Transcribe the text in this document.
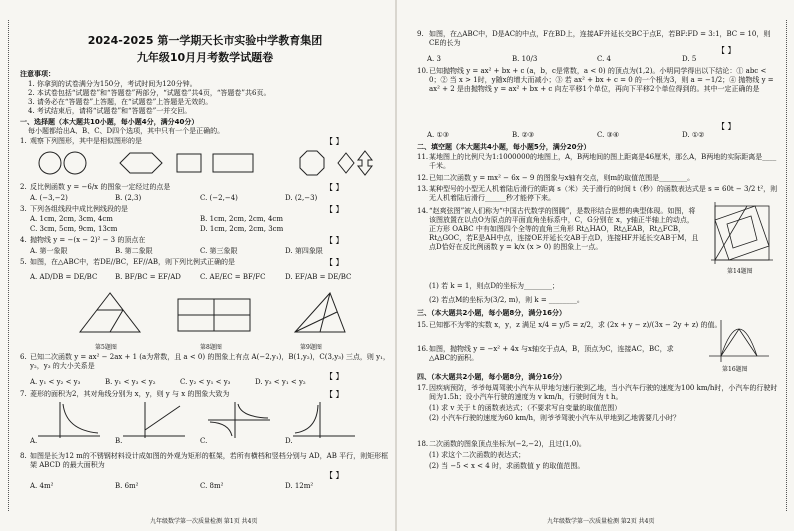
2024-2025 第一学期天长市实验中学教育集团
九年级10月月考数学试题卷
注意事项：
1. 你拿到的试卷满分为150分，考试时间为120分钟。
2. 本试卷包括“试题卷”和“答题卷”两部分，“试题卷”共4页，“答题卷”共6页。
3. 请务必在“答题卷”上答题，在“试题卷”上答题是无效的。
4. 考试结束后，请将“试题卷”和“答题卷”一并交回。
一、选择题（本大题共10小题，每小题4分，满分40分）
每小题都给出A、B、C、D四个选项，其中只有一个是正确的。
1. 观察下列图形，其中是相似图形的是	【 】
2. 反比例函数 y = −6/x 的图象一定经过的点是	【 】
A. (−3,−2)	B. (2,3)	C. (−2,−4)	D. (2,−3)
3. 下列各组线段中成比例线段的是	【 】
A. 1cm, 2cm, 3cm, 4cm	B. 1cm, 2cm, 2cm, 4cm
C. 3cm, 5cm, 9cm, 13cm	D. 1cm, 2cm, 2cm, 3cm
4. 抛物线 y = −(x − 2)² − 3 的顶点在	【 】
A. 第一象限	B. 第二象限	C. 第三象限	D. 第四象限
5. 如图，在△ABC中，若DE//BC，EF//AB，则下列比例式正确的是	【 】
A. AD/DB = DE/BC	B. BF/BC = EF/AD	C. AE/EC = BF/FC	D. EF/AB = DE/BC
第5题图	第8题图	第9题图
6. 已知二次函数 y = ax² − 2ax + 1 (a为常数，且 a < 0) 的图象上有点 A(−2,y₁)，B(1,y₂)，C(3,y₃) 三点，则 y₁，y₂，y₃ 的大小关系是
【 】
A. y₁ < y₂ < y₃	B. y₁ < y₃ < y₂	C. y₂ < y₁ < y₃	D. y₃ < y₁ < y₂
7. 菱形的面积为2，其对角线分别为 x，y，则 y 与 x 的图象大致为	【 】
A.	B.	C.	D.
8. 如图是长为12 m的不锈钢材料设计成如图的外观为矩形的框架，若所有横档和竖档分别与 AD，AB 平行，则矩形框架 ABCD 的最大面积为
【 】
A. 4m²	B. 6m²	C. 8m²	D. 12m²
九年级数学第一次质量检测 第1页 共4页
9. 如图，在△ABC中，D是AC的中点，F在BD上，连接AF并延长交BC于点E，若BF:FD = 3:1，BC = 10，则CE的长为
【 】
A. 3	B. 10/3	C. 4	D. 5
10. 已知抛物线 y = ax² + bx + c (a，b，c是常数，a < 0) 的顶点为(1,2)。小明同学得出以下结论：① abc < 0；② 当 x > 1时，y随x的增大而减小；③ 若 ax² + bx + c = 0 的一个根为3，则 a = −1/2；④ 抛物线 y = ax² + 2 是由抛物线 y = ax² + bx + c 向左平移1个单位，再向下平移2个单位得到的。其中一定正确的是
【 】
A. ①③	B. ②③	C. ③④	D. ①②
二、填空题（本大题共4小题，每小题5分，满分20分）
11. 某地图上的比例尺为1:1000000的地图上，A，B两地间的图上距离是46厘米，那么A，B两地的实际距离是____千米。
12. 已知二次函数 y = mx² − 6x − 9 的图象与x轴有交点，则m的取值范围是________。
13. 某种型号的小型无人机着陆后滑行的距离 s（米）关于滑行的时间 t（秒）的函数表达式是 s = 60t − 3/2 t²，则无人机着陆后滑行______秒才能停下来。
14. “赵爽弦图”被人们称为“中国古代数学的图腾”，是数形结合思想的典型体现。如图，将该图放置在以点O为原点的平面直角坐标系中，C，G分别在 x，y轴正半轴上的动点，正方形 OABC 中有如图四个全等的直角三角形 Rt△HAO，Rt△EAB，Rt△FCB，Rt△GOC，若E是AH中点，连接OE并延长交AB于点D，连接HF并延长交AB于M，且点D恰好在反比例函数 y = k/x (x > 0) 的图象上一点。
(1) 若 k = 1，则点D的坐标为________；
(2) 若点M的坐标为(3/2, m)，则 k = ________。
第14题图
三、（本大题共2小题，每小题8分，满分16分）
15. 已知都不为零的实数 x，y，z 满足 x/4 = y/5 = z/2，求 (2x + y − z)/(3x − 2y + z) 的值。
16. 如图，抛物线 y = −x² + 4x 与x轴交于点A，B，顶点为C，连接AC，BC，求△ABC的面积。
第16题图
四、（本大题共2小题，每小题8分，满分16分）
17. 因疾病预防，爷爷每周驾驶小汽车从甲地匀速行驶到乙地，当小汽车行驶的速度为100 km/h时，小汽车的行驶时间为1.5h；设小汽车行驶的速度为 v km/h，行驶时间为 t h。
(1) 求 v 关于 t 的函数表达式；（不要求写自变量的取值范围）
(2) 小汽车行驶的速度为60 km/h，则爷爷驾驶小汽车从甲地到乙地需要几小时？
18. 二次函数的图象顶点坐标为(−2,−2)，且过(1,0)。
(1) 求这个二次函数的表达式；
(2) 当 −5 < x < 4 时，求函数值 y 的取值范围。
九年级数学第一次质量检测 第2页 共4页
